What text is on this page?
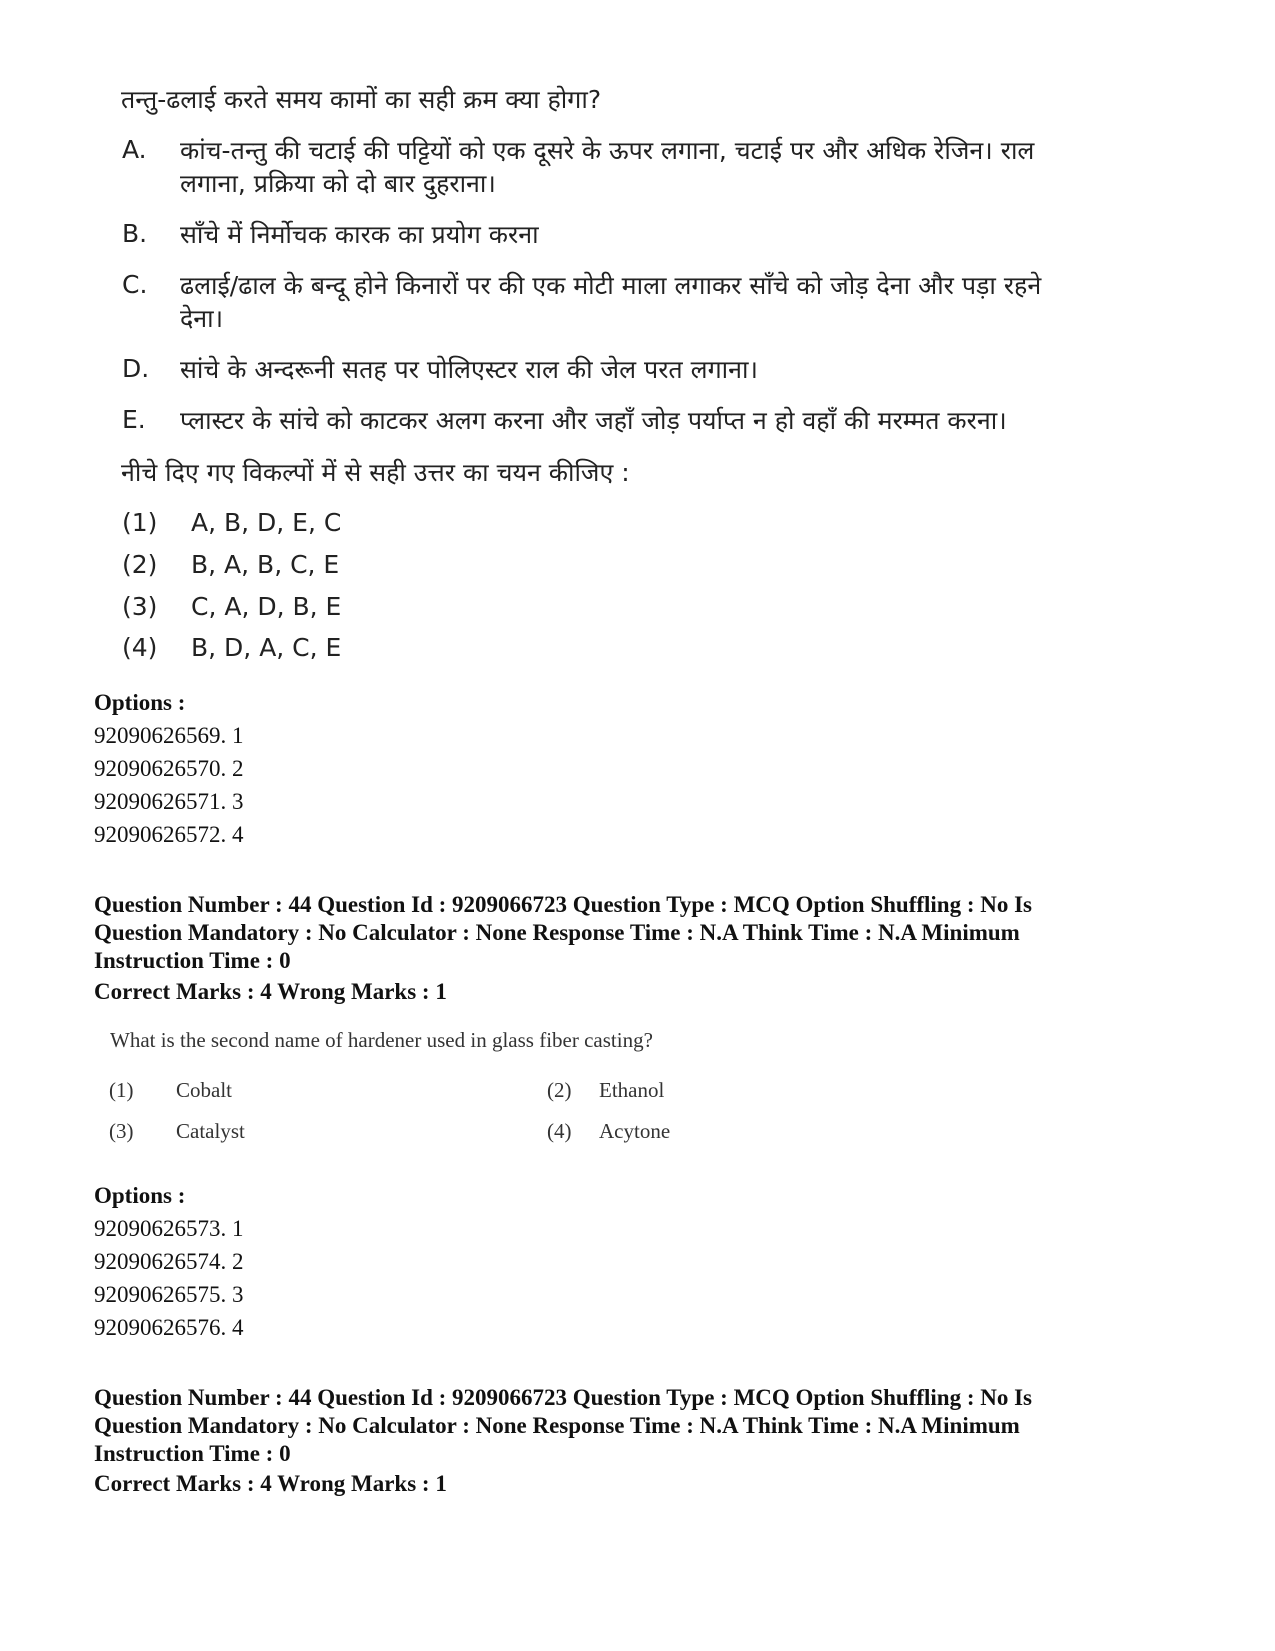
तन्तु-ढलाई करते समय कामों का सही क्रम क्या होगा?
A. कांच-तन्तु की चटाई की पट्टियों को एक दूसरे के ऊपर लगाना, चटाई पर और अधिक रेजिन। राल
लगाना, प्रक्रिया को दो बार दुहराना।
B. साँचे में निर्मोचक कारक का प्रयोग करना
C. ढलाई/ढाल के बन्दू होने किनारों पर की एक मोटी माला लगाकर साँचे को जोड़ देना और पड़ा रहने
देना।
D. सांचे के अन्दरूनी सतह पर पोलिएस्टर राल की जेल परत लगाना।
E. प्लास्टर के सांचे को काटकर अलग करना और जहाँ जोड़ पर्याप्त न हो वहाँ की मरम्मत करना।
नीचे दिए गए विकल्पों में से सही उत्तर का चयन कीजिए :
(1) A, B, D, E, C
(2) B, A, B, C, E
(3) C, A, D, B, E
(4) B, D, A, C, E
Options :
92090626569. 1
92090626570. 2
92090626571. 3
92090626572. 4
Question Number : 44 Question Id : 9209066723 Question Type : MCQ Option Shuffling : No Is
Question Mandatory : No Calculator : None Response Time : N.A Think Time : N.A Minimum
Instruction Time : 0
Correct Marks : 4 Wrong Marks : 1
What is the second name of hardener used in glass fiber casting?
(1) Cobalt	(2) Ethanol
(3) Catalyst	(4) Acytone
Options :
92090626573. 1
92090626574. 2
92090626575. 3
92090626576. 4
Question Number : 44 Question Id : 9209066723 Question Type : MCQ Option Shuffling : No Is
Question Mandatory : No Calculator : None Response Time : N.A Think Time : N.A Minimum
Instruction Time : 0
Correct Marks : 4 Wrong Marks : 1
